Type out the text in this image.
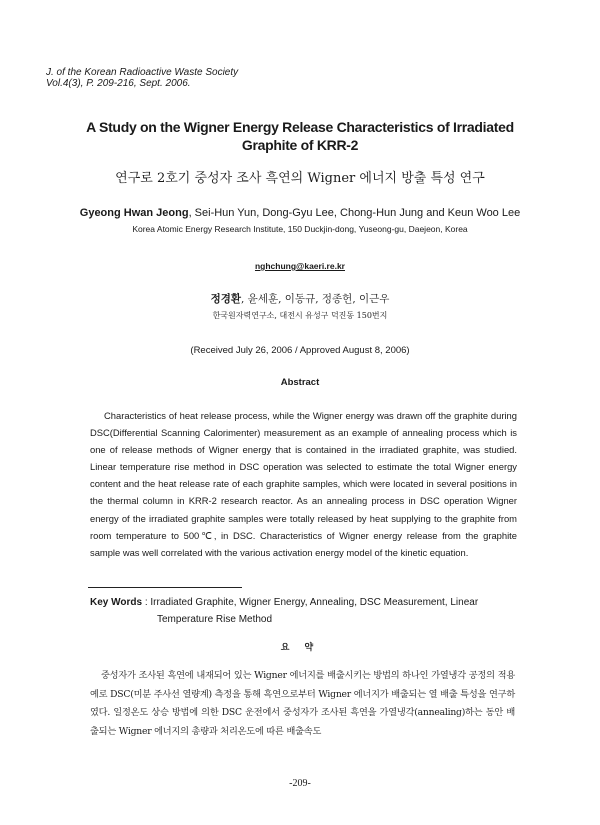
J. of the Korean Radioactive Waste Society
Vol.4(3), P. 209-216, Sept. 2006.
A Study on the Wigner Energy Release Characteristics of Irradiated
Graphite of KRR-2
연구로 2호기 중성자 조사 흑연의 Wigner 에너지 방출 특성 연구
Gyeong Hwan Jeong, Sei-Hun Yun, Dong-Gyu Lee, Chong-Hun Jung and Keun Woo Lee
Korea Atomic Energy Research Institute, 150 Duckjin-dong, Yuseong-gu, Daejeon, Korea
nghchung@kaeri.re.kr
정경환, 윤세훈, 이동규, 정종헌, 이근우
한국원자력연구소, 대전시 유성구 덕진동 150번지
(Received July 26, 2006 / Approved August 8, 2006)
Abstract

Characteristics of heat release process, while the Wigner energy was drawn off the graphite during DSC(Differential Scanning Calorimenter) measurement as an example of annealing process which is one of release methods of Wigner energy that is contained in the irradiated graphite, was studied. Linear temperature rise method in DSC operation was selected to estimate the total Wigner energy content and the heat release rate of each graphite samples, which were located in several positions in the thermal column in KRR-2 research reactor. As an annealing process in DSC operation Wigner energy of the irradiated graphite samples were totally released by heat supplying to the graphite from room temperature to 500℃, in DSC. Characteristics of Wigner energy release from the graphite sample was well correlated with the various activation energy model of the kinetic equation.

Key Words : Irradiated Graphite, Wigner Energy, Annealing, DSC Measurement, Linear
Temperature Rise Method
요 약

중성자가 조사된 흑연에 내재되어 있는 Wigner 에너지를 배출시키는 방법의 하나인 가열냉각 공정의 적용 예로 DSC(미분 주사선 열량계) 측정을 통해 흑연으로부터 Wigner 에너지가 배출되는 열 배출 특성을 연구하였다. 일정온도 상승 방법에 의한 DSC 운전에서 중성자가 조사된 흑연을 가열냉각(annealing)하는 동안 배출되는 Wigner 에너지의 총량과 처리온도에 따른 배출속도

-209-
